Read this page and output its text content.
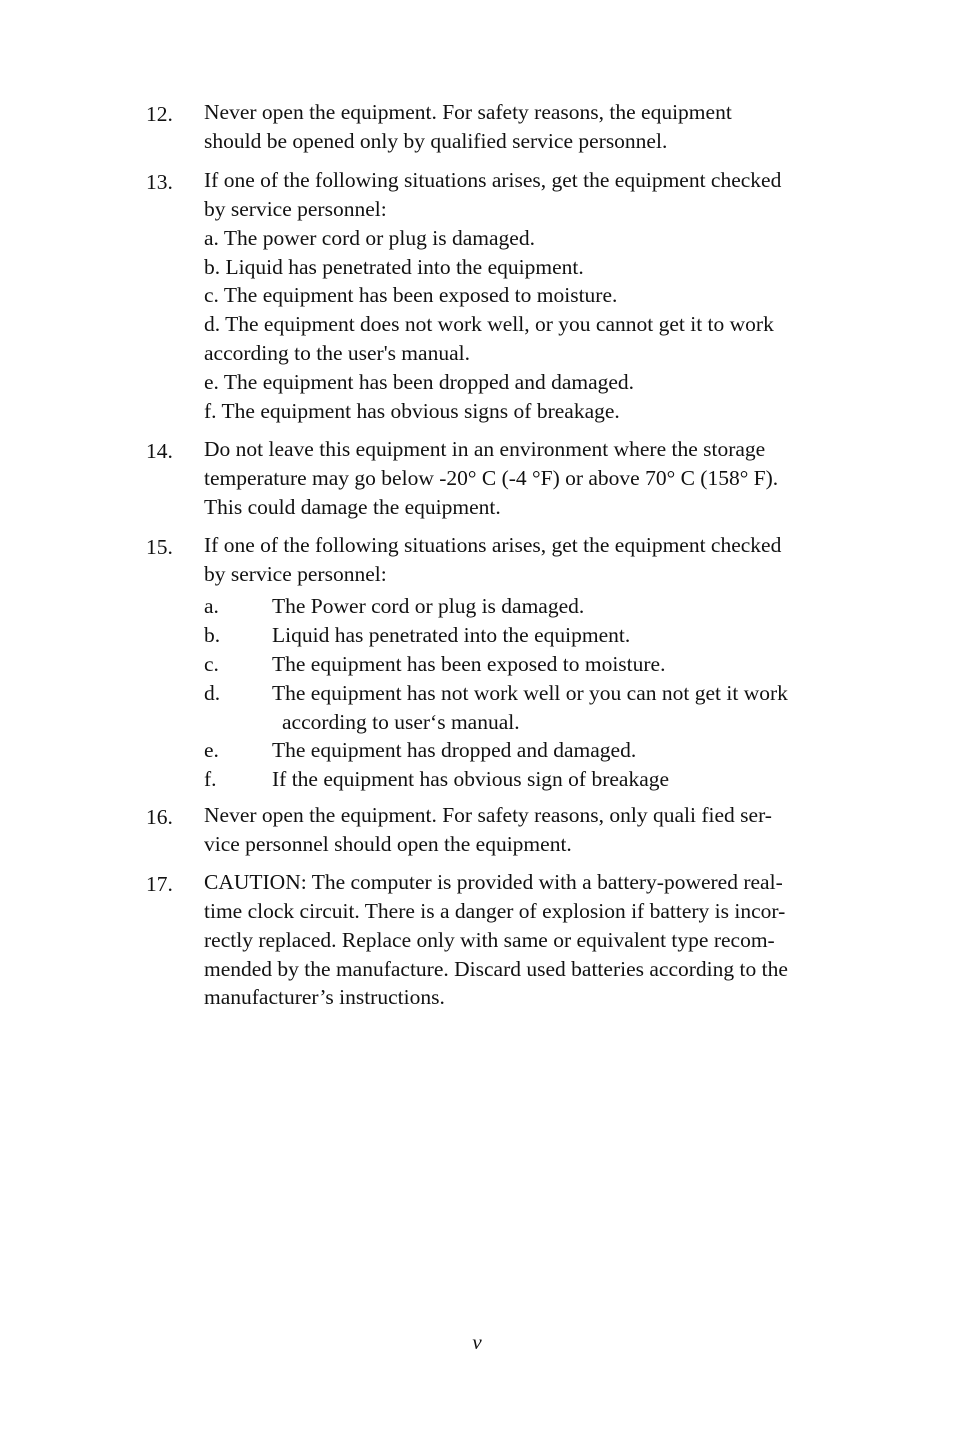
12.	Never open the equipment. For safety reasons, the equipment
should be opened only by qualified service personnel.
13.	If one of the following situations arises, get the equipment checked
by service personnel:
a. The power cord or plug is damaged.
b. Liquid has penetrated into the equipment.
c. The equipment has been exposed to moisture.
d. The equipment does not work well, or you cannot get it to work
according to the user's manual.
e. The equipment has been dropped and damaged.
f. The equipment has obvious signs of breakage.
14.	Do not leave this equipment in an environment where the storage
temperature may go below -20° C (-4 °F) or above 70° C (158° F).
This could damage the equipment.
15.	If one of the following situations arises, get the equipment checked
by service personnel:
a. The Power cord or plug is damaged.
b. Liquid has penetrated into the equipment.
c. The equipment has been exposed to moisture.
d. The equipment has not work well or you can not get it work
according to user‘s manual.
e. The equipment has dropped and damaged.
f.	If the equipment has obvious sign of breakage
16.	Never open the equipment. For safety reasons, only quali fied ser-
vice personnel should open the equipment.
17.	CAUTION: The computer is provided with a battery-powered real-
time clock circuit. There is a danger of explosion if battery is incor-
rectly replaced. Replace only with same or equivalent type recom-
mended by the manufacture. Discard used batteries according to the
manufacturer’s instructions.
v
